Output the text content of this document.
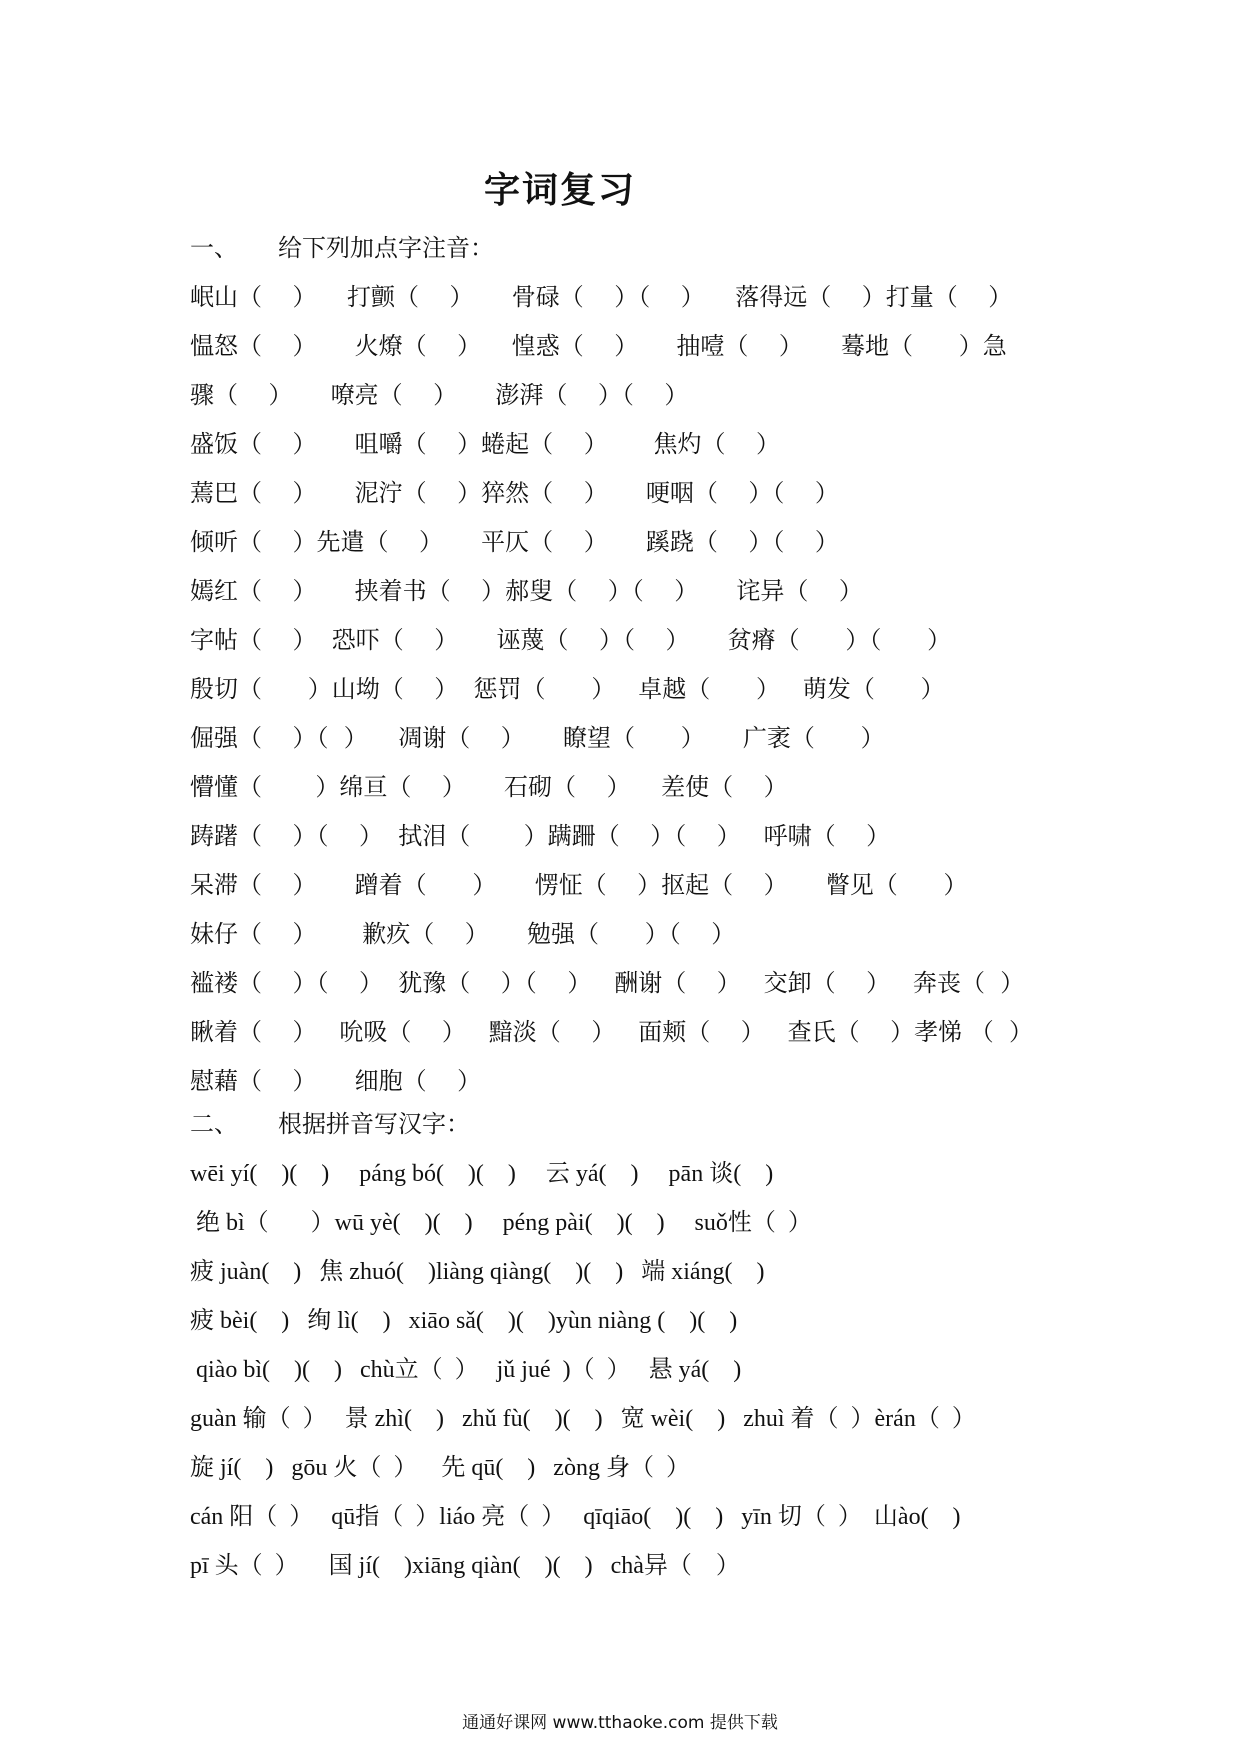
字词复习
一、 给下列加点字注音：
岷山（    ）    打颤（    ）     骨碌（    ）（    ）    落得远（    ）打量（    ）
愠怒（    ）     火燎（    ）    惶惑（    ）     抽噎（    ）     蓦地（      ）急
骤（    ）     嘹亮（    ）     澎湃（    ）（    ）
盛饭（    ）     咀嚼（    ）蜷起（    ）      焦灼（    ）
蔫巴（    ）     泥泞（    ）猝然（    ）     哽咽（    ）（    ）
倾听（    ）先遣（    ）     平仄（    ）     蹊跷（    ）（    ）
嫣红（    ）     挟着书（    ）郝叟（    ）（    ）     诧异（    ）
字帖（    ）  恐吓（    ）     诬蔑（    ）（    ）     贫瘠（      ）（      ）
殷切（      ）山坳（    ）  惩罚（      ）   卓越（      ）   萌发（      ）
倔强（    ）（  ）    凋谢（    ）     瞭望（      ）     广袤（      ）
懵懂（       ）绵亘（    ）     石砌（    ）    差使（    ）
踌躇（    ）（    ）  拭泪（       ）蹒跚（    ）（    ）   呼啸（    ）
呆滞（    ）     蹭着（      ）     愣怔（    ）抠起（    ）     瞥见（      ）
妹仔（    ）      歉疚（    ）     勉强（      ）（    ）
褴褛（    ）（    ）  犹豫（    ）（    ）   酬谢（    ）   交卸（    ）   奔丧（  ）
瞅着（    ）   吮吸（    ）   黯淡（    ）   面颊（    ）   查氏（    ）孝悌 （  ）
慰藉（    ）     细胞（    ）
二、 根据拼音写汉字：
wēi yí(    )(    )     páng bó(    )(    )     云 yá(    )     pān 谈(    )
绝 bì（       ）wū yè(    )(    )     péng pài(    )(    )     suǒ性（  ）
疲 juàn(    )   焦 zhuó(    )liàng qiàng(    )(    )   端 xiáng(    )
疲 bèi(    )   绚 lì(    )   xiāo sǎ(    )(    )yùn niàng (    )(    )
qiào bì(    )(    )   chù立（  ）   jǔ jué  )（  ）   悬 yá(    )
guàn 输（  ）   景 zhì(    )   zhǔ fù(    )(    )   宽 wèi(    )   zhuì 着（  ）èrán（  ）
旋 jí(    )   gōu 火（  ）    先 qū(    )   zòng 身（  ）
cán 阳（  ）   qū指（  ）liáo 亮（  ）   qīqiāo(    )(    )   yīn 切（  ）  山ào(    )
pī 头（  ）     国 jí(    )xiāng qiàn(    )(    )   chà异（    ）
通通好课网 www.tthaoke.com 提供下载
